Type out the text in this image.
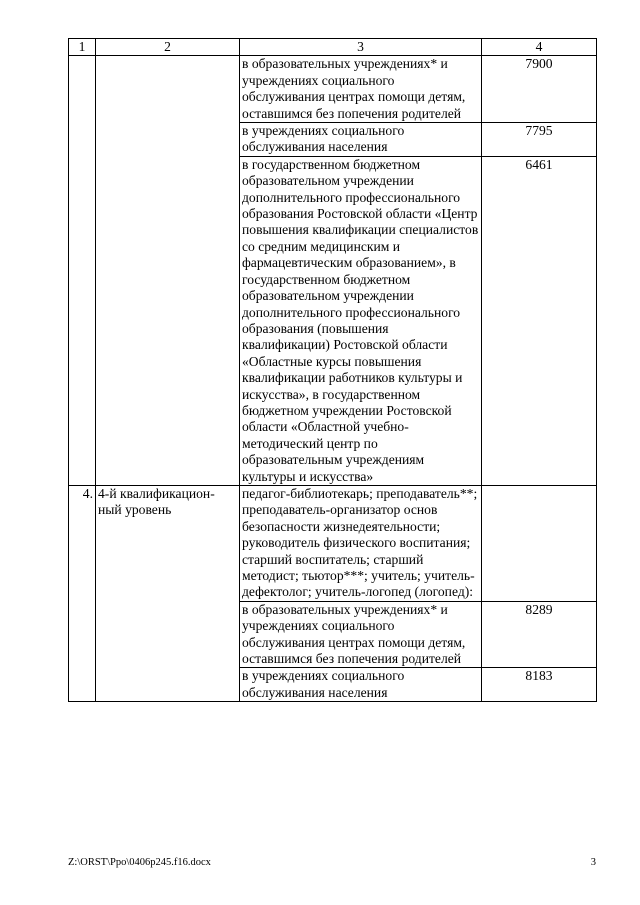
1	2	3	4
		в образовательных учреждениях* и учреждениях социального обслуживания центрах помощи детям, оставшимся без попечения родителей	7900
		в учреждениях социального обслуживания населения	7795
		в государственном бюджетном образовательном учреждении дополнительного профессионального образования Ростовской области «Центр повышения квалификации специалистов со средним медицинским и фармацевтическим образованием», в государственном бюджетном образовательном учреждении дополнительного профессионального образования (повышения квалификации) Ростовской области «Областные курсы повышения квалификации работников культуры и искусства», в государственном бюджетном учреждении Ростовской области «Областной учебно-методический центр по образовательным учреждениям культуры и искусства»	6461
4.	4-й квалификацион-ный уровень	педагог-библиотекарь; преподаватель**; преподаватель-организатор основ безопасности жизнедеятельности; руководитель физического воспитания; старший воспитатель; старший методист; тьютор***; учитель; учитель-дефектолог; учитель-логопед (логопед):	
		в образовательных учреждениях* и учреждениях социального обслуживания центрах помощи детям, оставшимся без попечения родителей	8289
		в учреждениях социального обслуживания населения	8183
Z:\ORST\Ppo\0406p245.f16.docx	3
